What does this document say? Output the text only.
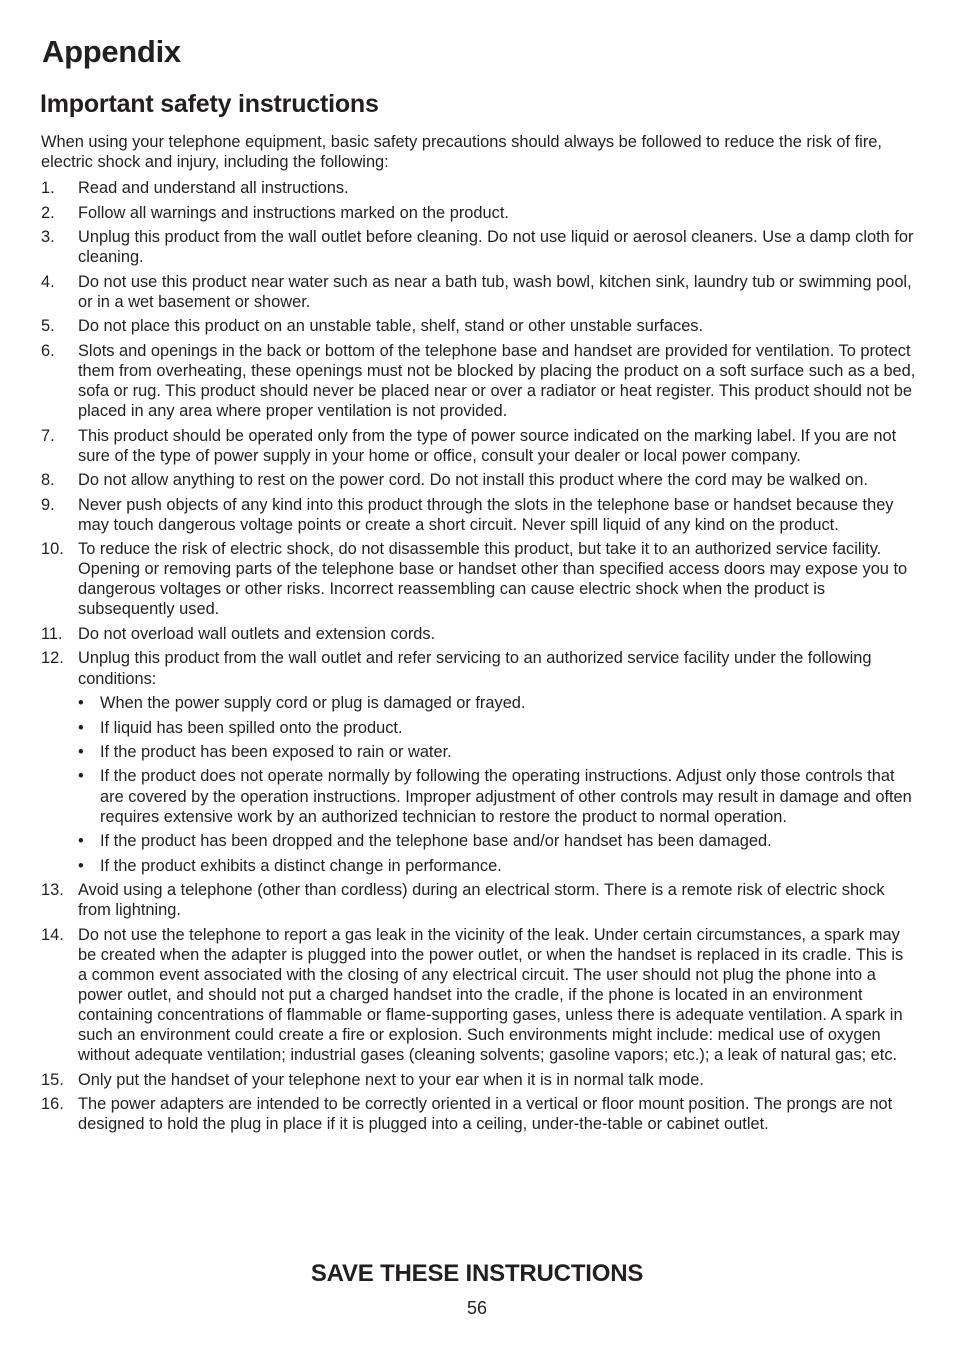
Appendix
Important safety instructions

When using your telephone equipment, basic safety precautions should always be followed to reduce the risk of fire, electric shock and injury, including the following:

1. Read and understand all instructions.
2. Follow all warnings and instructions marked on the product.
3. Unplug this product from the wall outlet before cleaning. Do not use liquid or aerosol cleaners. Use a damp cloth for cleaning.
4. Do not use this product near water such as near a bath tub, wash bowl, kitchen sink, laundry tub or swimming pool, or in a wet basement or shower.
5. Do not place this product on an unstable table, shelf, stand or other unstable surfaces.
6. Slots and openings in the back or bottom of the telephone base and handset are provided for ventilation. To protect them from overheating, these openings must not be blocked by placing the product on a soft surface such as a bed, sofa or rug. This product should never be placed near or over a radiator or heat register. This product should not be placed in any area where proper ventilation is not provided.
7. This product should be operated only from the type of power source indicated on the marking label. If you are not sure of the type of power supply in your home or office, consult your dealer or local power company.
8. Do not allow anything to rest on the power cord. Do not install this product where the cord may be walked on.
9. Never push objects of any kind into this product through the slots in the telephone base or handset because they may touch dangerous voltage points or create a short circuit. Never spill liquid of any kind on the product.
10. To reduce the risk of electric shock, do not disassemble this product, but take it to an authorized service facility. Opening or removing parts of the telephone base or handset other than specified access doors may expose you to dangerous voltages or other risks. Incorrect reassembling can cause electric shock when the product is subsequently used.
11. Do not overload wall outlets and extension cords.
12. Unplug this product from the wall outlet and refer servicing to an authorized service facility under the following conditions:
• When the power supply cord or plug is damaged or frayed.
• If liquid has been spilled onto the product.
• If the product has been exposed to rain or water.
• If the product does not operate normally by following the operating instructions. Adjust only those controls that are covered by the operation instructions. Improper adjustment of other controls may result in damage and often requires extensive work by an authorized technician to restore the product to normal operation.
• If the product has been dropped and the telephone base and/or handset has been damaged.
• If the product exhibits a distinct change in performance.
13. Avoid using a telephone (other than cordless) during an electrical storm. There is a remote risk of electric shock from lightning.
14. Do not use the telephone to report a gas leak in the vicinity of the leak. Under certain circumstances, a spark may be created when the adapter is plugged into the power outlet, or when the handset is replaced in its cradle. This is a common event associated with the closing of any electrical circuit. The user should not plug the phone into a power outlet, and should not put a charged handset into the cradle, if the phone is located in an environment containing concentrations of flammable or flame-supporting gases, unless there is adequate ventilation. A spark in such an environment could create a fire or explosion. Such environments might include: medical use of oxygen without adequate ventilation; industrial gases (cleaning solvents; gasoline vapors; etc.); a leak of natural gas; etc.
15. Only put the handset of your telephone next to your ear when it is in normal talk mode.
16. The power adapters are intended to be correctly oriented in a vertical or floor mount position. The prongs are not designed to hold the plug in place if it is plugged into a ceiling, under-the-table or cabinet outlet.
SAVE THESE INSTRUCTIONS
56
